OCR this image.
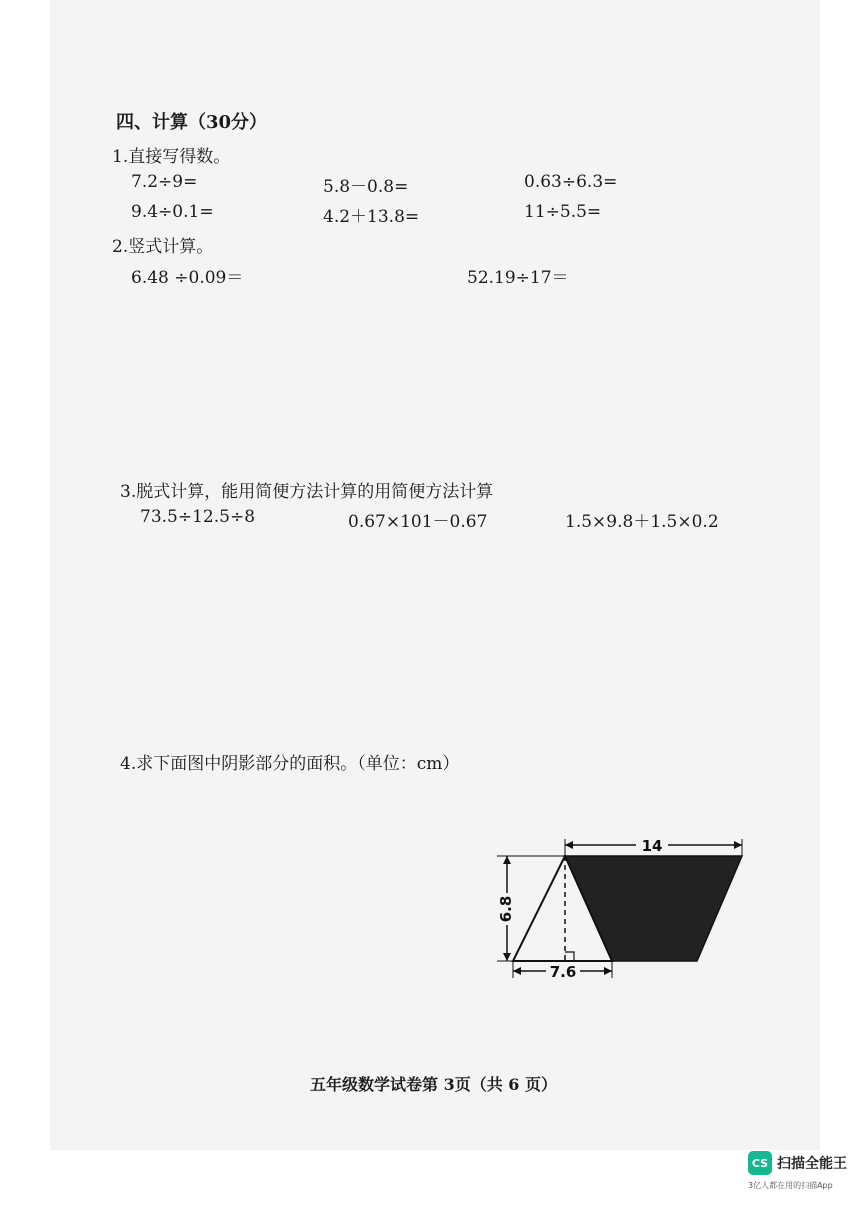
四、计算（30分）
1.直接写得数。
7.2÷9=	5.8－0.8=	0.63÷6.3=
9.4÷0.1=	4.2＋13.8=	11÷5.5=
2.竖式计算。
6.48 ÷0.09＝	52.19÷17＝
3.脱式计算，能用简便方法计算的用简便方法计算
73.5÷12.5÷8	0.67×101－0.67	1.5×9.8＋1.5×0.2
4.求下面图中阴影部分的面积。（单位：cm）
14
6.8
7.6
五年级数学试卷第 3页（共 6 页）
CS 扫描全能王
3亿人都在用的扫描App
